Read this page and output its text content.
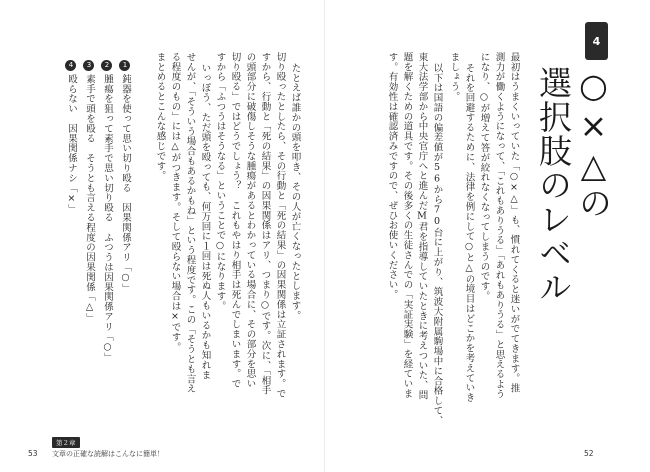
4
○×△の
選択肢のレベル
最初はうまくいっていた「○×△」も、慣れてくると迷いがでてきます。推
測力が働くようになって、「これもありうる」「あれもありうる」と思えるよう
になり、○が増えて答が絞れなくなってしまうのです。
それを回避するために、法律を例にして○と△の境目はどこかを考えていき
ましょう。
以下は国語の偏差値が56から70台に上がり、筑波大附属駒場中に合格して、
東大法学部から中央官庁へと進んだM君を指導していたときに考えついた、問
題を解くための道具です。その後多くの生徒さんでの「実証実験」を経ていま
す。有効性は確認済みですので、ぜひお使いください。
52
たとえば誰かの頭を叩き、その人が亡くなったとします。
切り殴ったとしたら、その行動と「死の結果」の因果関係は立証されます。で
すから、行動と「死の結果」の因果関係はアリ、つまり○です。次に、「相手
の頭部分に破傷しそうな腫瘍があるとわかっている場合に、その部分を思い
切り殴る」ではどうでしょう？　これもやはり相手は死んでしまいます。で
すから「ふつうはそうなる」ということで○になります。
いっぽう、ただ頭を殴っても、何万回に１回は死ぬ人もいるかも知れま
せんが、「そういう場合もあるかもね」という程度です。この「そうとも言え
る程度のもの」には△がつきます。そして殴らない場合は×です。
まとめるとこんな感じです。
1鈍器を使って思い切り殴る　因果関係アリ「○」
2腫瘍を狙って素手で思い切り殴る　ふつうは因果関係アリ「○」
3素手で頭を殴る　そうとも言える程度の因果関係「△」
4殴らない　因果関係ナシ「×」
第２章
文章の正確な読解はこんなに簡単！
53
